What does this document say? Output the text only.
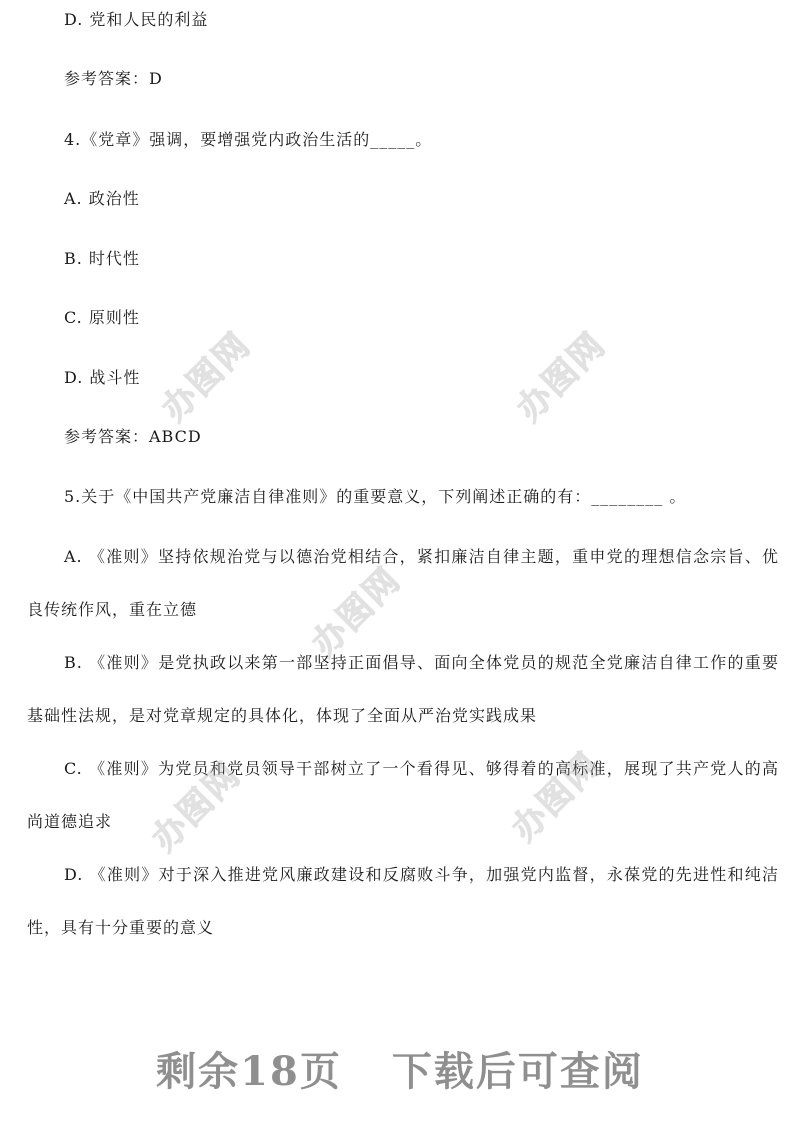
D. 党和人民的利益
参考答案：D
4.《党章》强调，要增强党内政治生活的_____。
A. 政治性
B. 时代性
C. 原则性
D. 战斗性
参考答案：ABCD
5.关于《中国共产党廉洁自律准则》的重要意义，下列阐述正确的有：________ 。
A. 《准则》坚持依规治党与以德治党相结合，紧扣廉洁自律主题，重申党的理想信念宗旨、优良传统作风，重在立德
B. 《准则》是党执政以来第一部坚持正面倡导、面向全体党员的规范全党廉洁自律工作的重要基础性法规，是对党章规定的具体化，体现了全面从严治党实践成果
C. 《准则》为党员和党员领导干部树立了一个看得见、够得着的高标准，展现了共产党人的高尚道德追求
D. 《准则》对于深入推进党风廉政建设和反腐败斗争，加强党内监督，永葆党的先进性和纯洁性，具有十分重要的意义
办图网	办图网
办图网
办图网	办图网
剩余18页 下载后可查阅
